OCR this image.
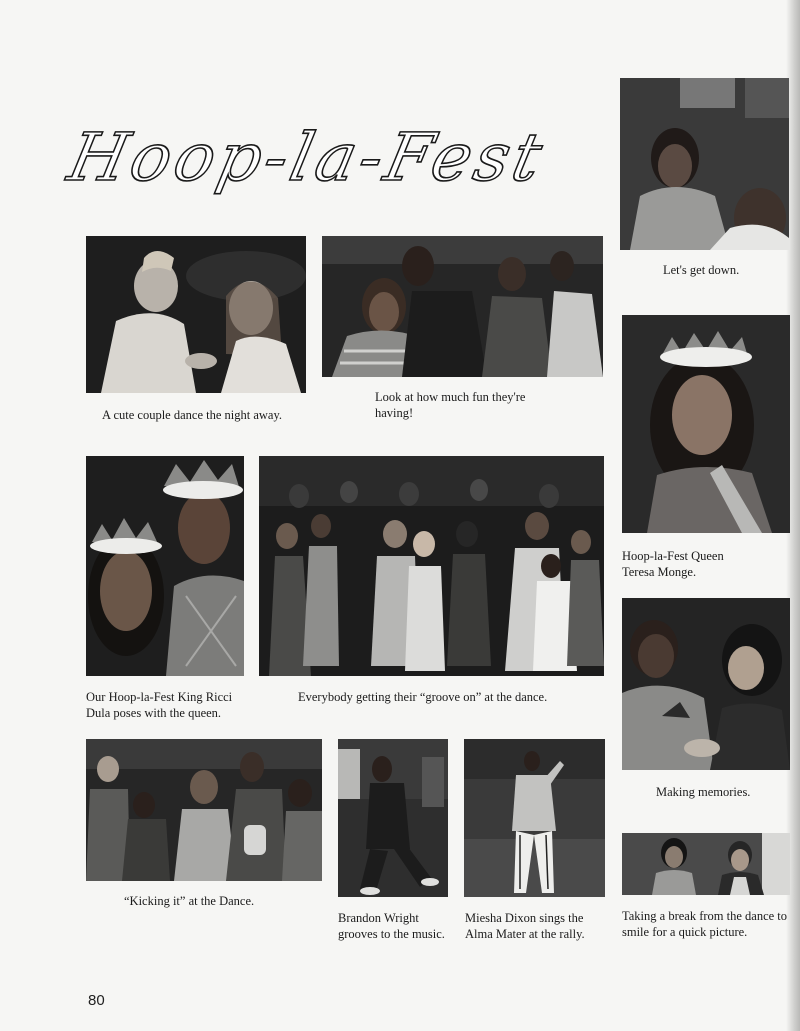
Hoop-la-Fest
Let's get down.
A cute couple dance the night away.
Look at how much fun they're having!
Hoop-la-Fest Queen Teresa Monge.
Our Hoop-la-Fest King Ricci Dula poses with the queen.
Everybody getting their “groove on” at the dance.
Making memories.
“Kicking it” at the Dance.
Brandon Wright grooves to the music.
Miesha Dixon sings the Alma Mater at the rally.
Taking a break from the dance to smile for a quick picture.
80
